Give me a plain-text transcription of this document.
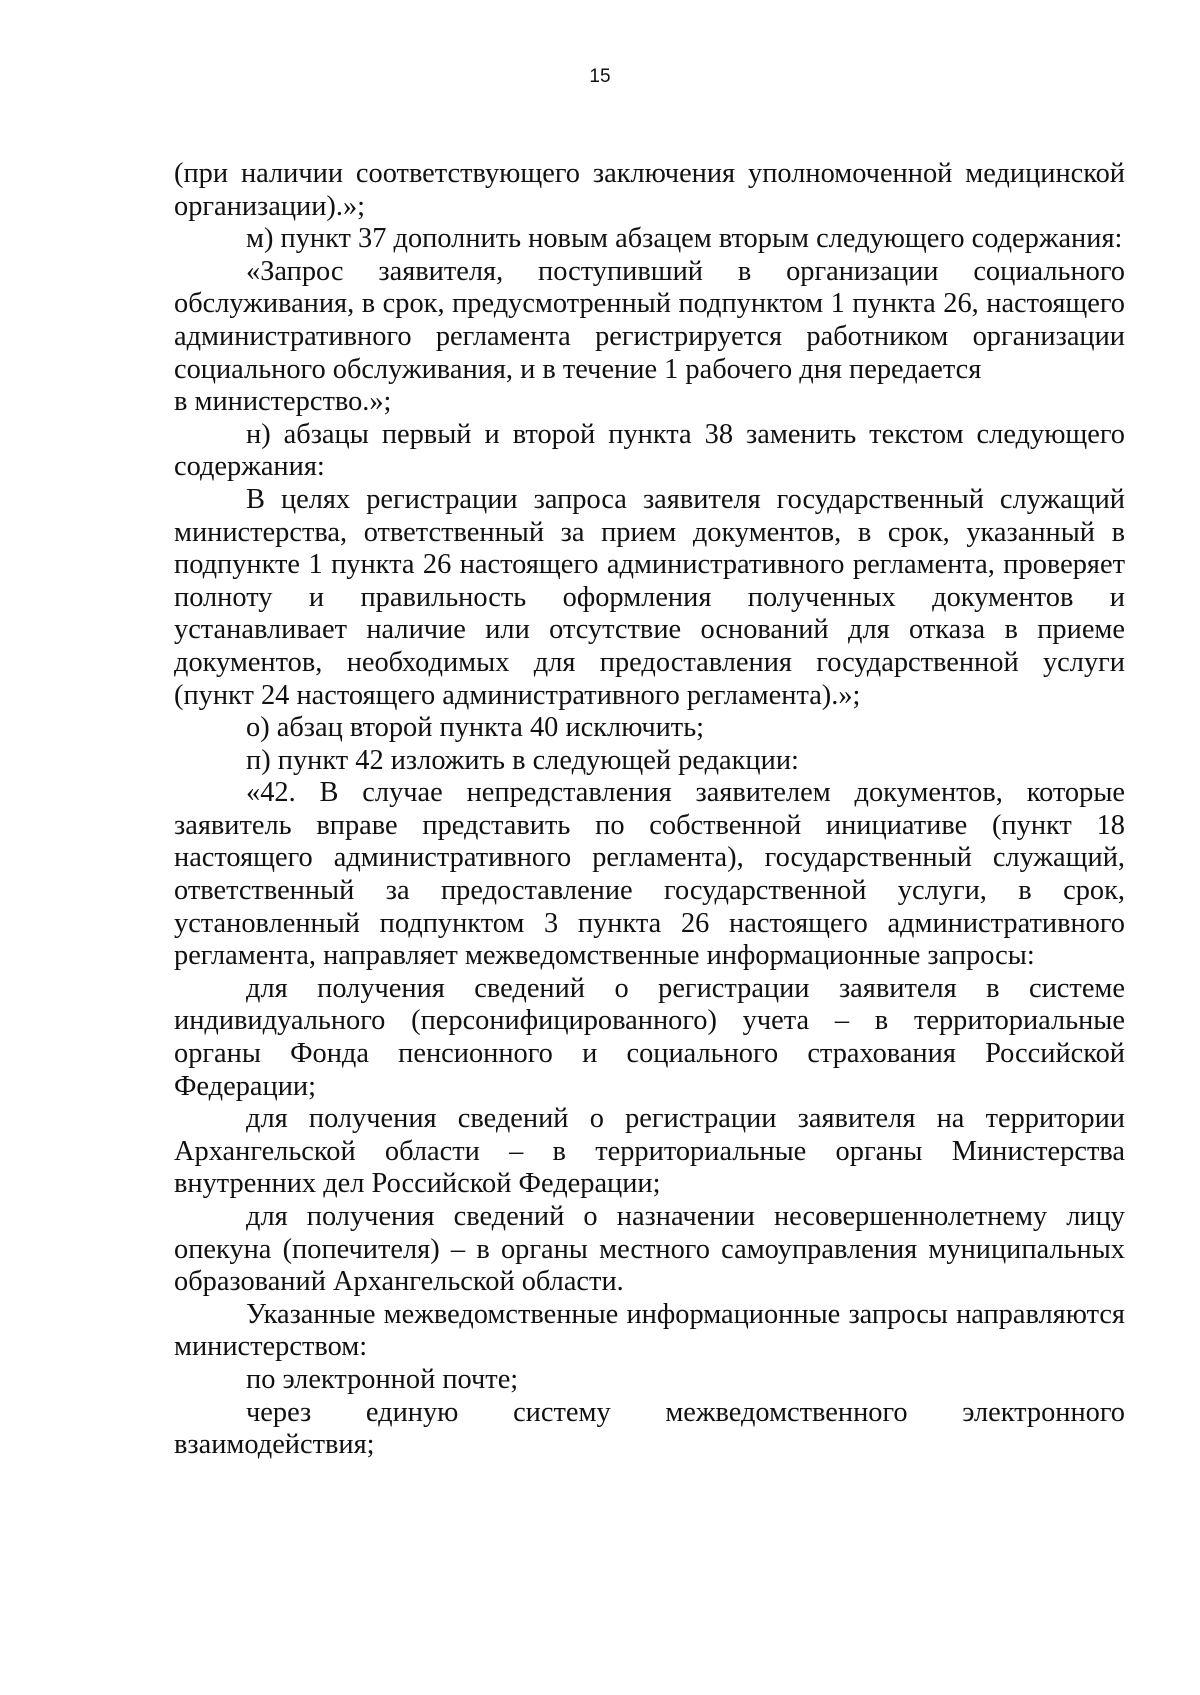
15

(при наличии соответствующего заключения уполномоченной медицинской организации).»;

м) пункт 37 дополнить новым абзацем вторым следующего содержания:

«Запрос заявителя, поступивший в организации социального обслуживания, в срок, предусмотренный подпунктом 1 пункта 26, настоящего административного регламента регистрируется работником организации социального обслуживания, и в течение 1 рабочего дня передается

в министерство.»;

н) абзацы первый и второй пункта 38 заменить текстом следующего содержания:

В целях регистрации запроса заявителя государственный служащий министерства, ответственный за прием документов, в срок, указанный в подпункте 1 пункта 26 настоящего административного регламента, проверяет полноту и правильность оформления полученных документов и устанавливает наличие или отсутствие оснований для отказа в приеме документов, необходимых для предоставления государственной услуги (пункт 24 настоящего административного регламента).»;

о) абзац второй пункта 40 исключить;

п) пункт 42 изложить в следующей редакции:

«42. В случае непредставления заявителем документов, которые заявитель вправе представить по собственной инициативе (пункт 18 настоящего административного регламента), государственный служащий, ответственный за предоставление государственной услуги, в срок, установленный подпунктом 3 пункта 26 настоящего административного регламента, направляет межведомственные информационные запросы:

для получения сведений о регистрации заявителя в системе индивидуального (персонифицированного) учета – в территориальные органы Фонда пенсионного и социального страхования Российской Федерации;

для получения сведений о регистрации заявителя на территории Архангельской области – в территориальные органы Министерства внутренних дел Российской Федерации;

для получения сведений о назначении несовершеннолетнему лицу опекуна (попечителя) – в органы местного самоуправления муниципальных образований Архангельской области.

Указанные межведомственные информационные запросы направляются министерством:

по электронной почте;

через единую систему межведомственного электронного взаимодействия;
